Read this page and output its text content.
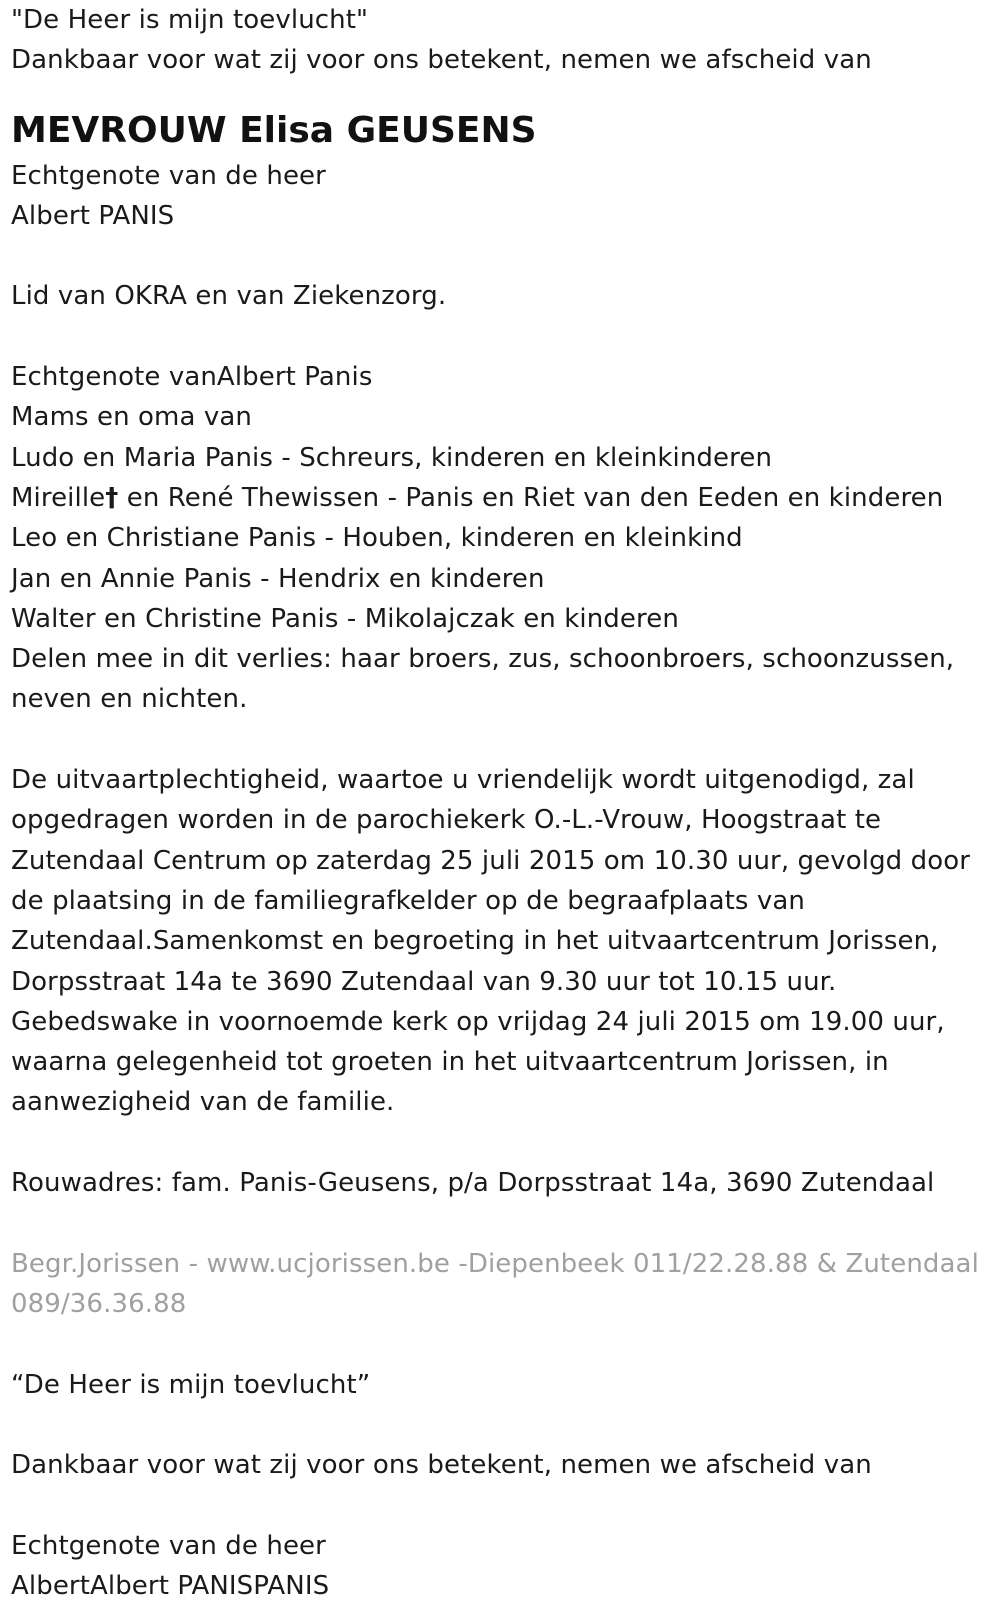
"De Heer is mijn toevlucht"
Dankbaar voor wat zij voor ons betekent, nemen we afscheid van
MEVROUW Elisa GEUSENS
Echtgenote van de heer
Albert PANIS
Lid van OKRA en van Ziekenzorg.
Echtgenote vanAlbert Panis
Mams en oma van
Ludo en Maria Panis - Schreurs, kinderen en kleinkinderen
Mireille† en René Thewissen - Panis en Riet van den Eeden en kinderen
Leo en Christiane Panis - Houben, kinderen en kleinkind
Jan en Annie Panis - Hendrix en kinderen
Walter en Christine Panis - Mikolajczak en kinderen
Delen mee in dit verlies: haar broers, zus, schoonbroers, schoonzussen,
neven en nichten.
De uitvaartplechtigheid, waartoe u vriendelijk wordt uitgenodigd, zal
opgedragen worden in de parochiekerk O.-L.-Vrouw, Hoogstraat te
Zutendaal Centrum op zaterdag 25 juli 2015 om 10.30 uur, gevolgd door
de plaatsing in de familiegrafkelder op de begraafplaats van
Zutendaal.Samenkomst en begroeting in het uitvaartcentrum Jorissen,
Dorpsstraat 14a te 3690 Zutendaal van 9.30 uur tot 10.15 uur.
Gebedswake in voornoemde kerk op vrijdag 24 juli 2015 om 19.00 uur,
waarna gelegenheid tot groeten in het uitvaartcentrum Jorissen, in
aanwezigheid van de familie.
Rouwadres: fam. Panis-Geusens, p/a Dorpsstraat 14a, 3690 Zutendaal
Begr.Jorissen - www.ucjorissen.be -Diepenbeek 011/22.28.88 & Zutendaal
089/36.36.88
“De Heer is mijn toevlucht”
Dankbaar voor wat zij voor ons betekent, nemen we afscheid van
Echtgenote van de heer
AlbertAlbert PANISPANIS
